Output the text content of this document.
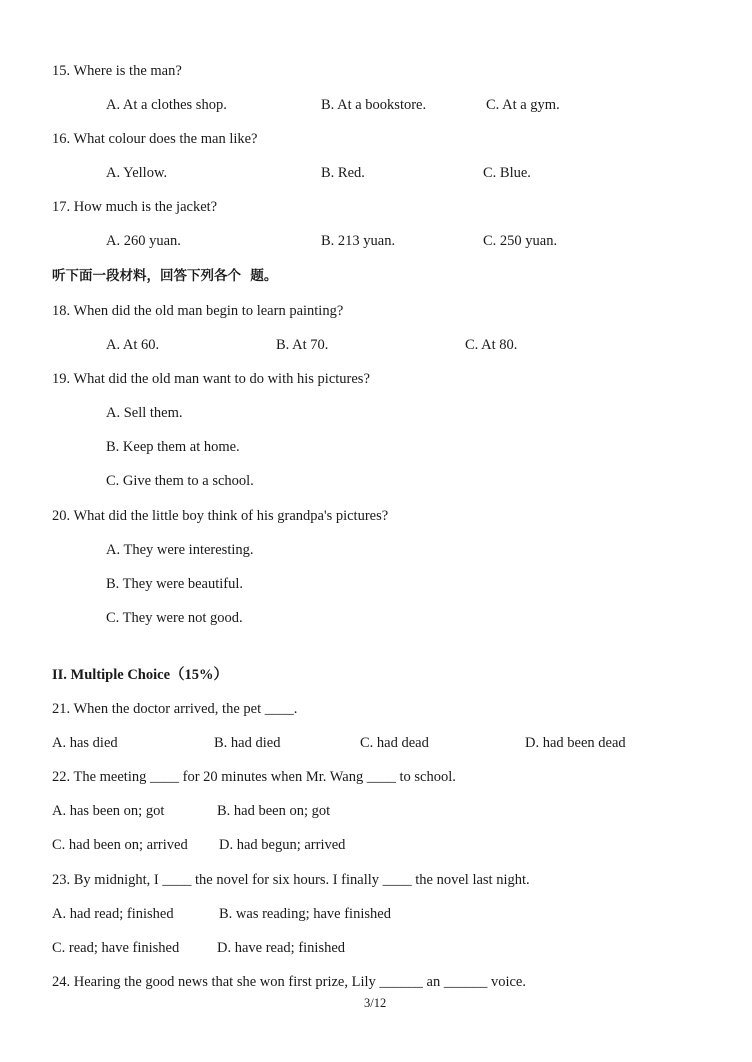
15. Where is the man?
A. At a clothes shop.	B. At a bookstore.	C. At a gym.
16. What colour does the man like?
A. Yellow.	B. Red.	C. Blue.
17. How much is the jacket?
A. 260 yuan.	B. 213 yuan.	C. 250 yuan.
听下面一段材料，回答下列各个  题。
18. When did the old man begin to learn painting?
A. At 60.	B. At 70.	C. At 80.
19. What did the old man want to do with his pictures?
A. Sell them.
B. Keep them at home.
C. Give them to a school.
20. What did the little boy think of his grandpa's pictures?
A. They were interesting.
B. They were beautiful.
C. They were not good.
II. Multiple Choice（15%）
21. When the doctor arrived, the pet ____.
A. has died	B. had died	C. had dead	D. had been dead
22. The meeting ____ for 20 minutes when Mr. Wang ____ to school.
A. has been on; got	B. had been on; got
C. had been on; arrived D. had begun; arrived
23. By midnight, I ____ the novel for six hours. I finally ____ the novel last night.
A. had read; finished	B. was reading; have finished
C. read; have finished	D. have read; finished
24. Hearing the good news that she won first prize, Lily ______ an ______ voice.
3/12
